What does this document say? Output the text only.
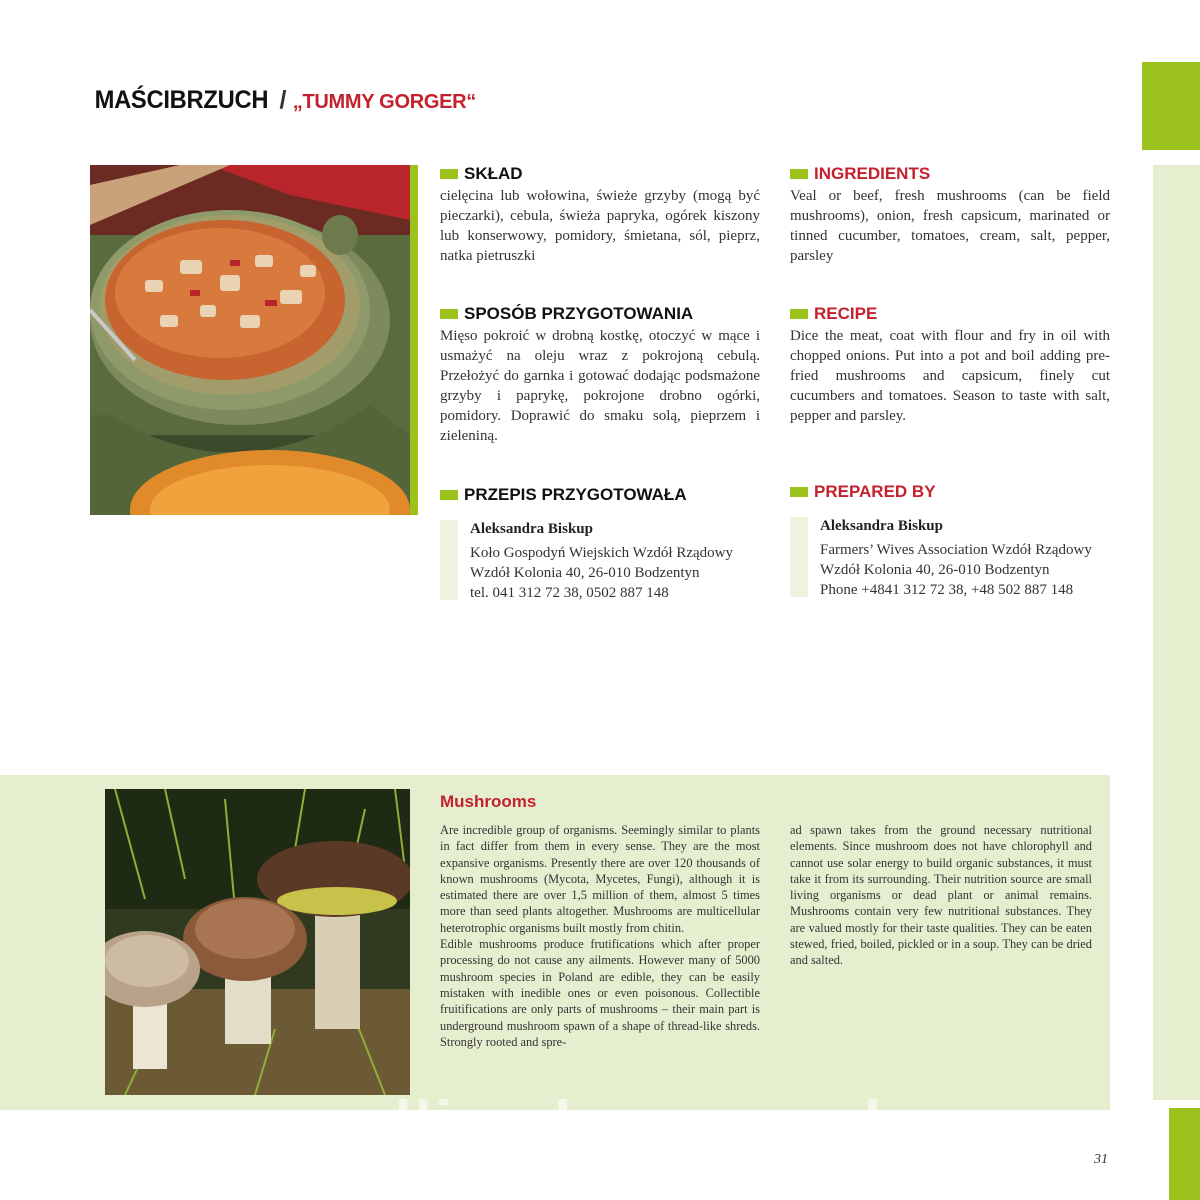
MAŚCIBRZUCH / „TUMMY GORGER“
SKŁAD

cielęcina lub wołowina, świeże grzyby (mogą być pieczarki), cebula, świeża papryka, ogórek kiszony lub konserwowy, pomidory, śmietana, sól, pieprz, natka pietruszki

INGREDIENTS

Veal or beef, fresh mushrooms (can be field mushrooms), onion, fresh capsicum, marinated or tinned cucumber, tomatoes, cream, salt, pepper, parsley

SPOSÓB PRZYGOTOWANIA

Mięso pokroić w drobną kostkę, otoczyć w mące i usmażyć na oleju wraz z pokrojoną cebulą. Przełożyć do garnka i gotować dodając podsmażone grzyby i paprykę, pokrojone drobno ogórki, pomidory. Doprawić do smaku solą, pieprzem i zieleniną.

RECIPE

Dice the meat, coat with flour and fry in oil with chopped onions. Put into a pot and boil adding pre-fried mushrooms and capsicum, finely cut cucumbers and tomatoes. Season to taste with salt, pepper and parsley.

PRZEPIS PRZYGOTOWAŁA
Aleksandra Biskup
Koło Gospodyń Wiejskich Wzdół Rządowy
Wzdół Kolonia 40, 26-010 Bodzentyn
tel. 041 312 72 38, 0502 887 148
PREPARED BY
Aleksandra Biskup
Farmers’ Wives Association Wzdół Rządowy
Wzdół Kolonia 40, 26-010 Bodzentyn
Phone +4841 312 72 38, +48 502 887 148
Mushrooms

Are incredible group of organisms. Seemingly similar to plants in fact differ from them in every sense. They are the most expansive organisms. Presently there are over 120 thousands of known mushrooms (Mycota, Mycetes, Fungi), although it is estimated there are over 1,5 million of them, almost 5 times more than seed plants altogether. Mushrooms are multicellular heterotrophic organisms built mostly from chitin.

Edible mushrooms produce frutifications which after proper processing do not cause any ailments. However many of 5000 mushroom species in Poland are edible, they can be easily mistaken with inedible ones or even poisonous. Collectible fruitifications are only parts of mushrooms – their main part is underground mushroom spawn of a shape of thread-like shreds. Strongly rooted and spre-

ad spawn takes from the ground necessary nutritional elements. Since mushroom does not have chlorophyll and cannot use solar energy to build organic substances, it must take it from its surrounding. Their nutrition source are small living organisms or dead plant or animal remains. Mushrooms contain very few nutritional substances. They are valued mostly for their taste qualities. They can be eaten stewed, fried, boiled, pickled or in a soup. They can be dried and salted.

wedlinydomowe.pl
31
